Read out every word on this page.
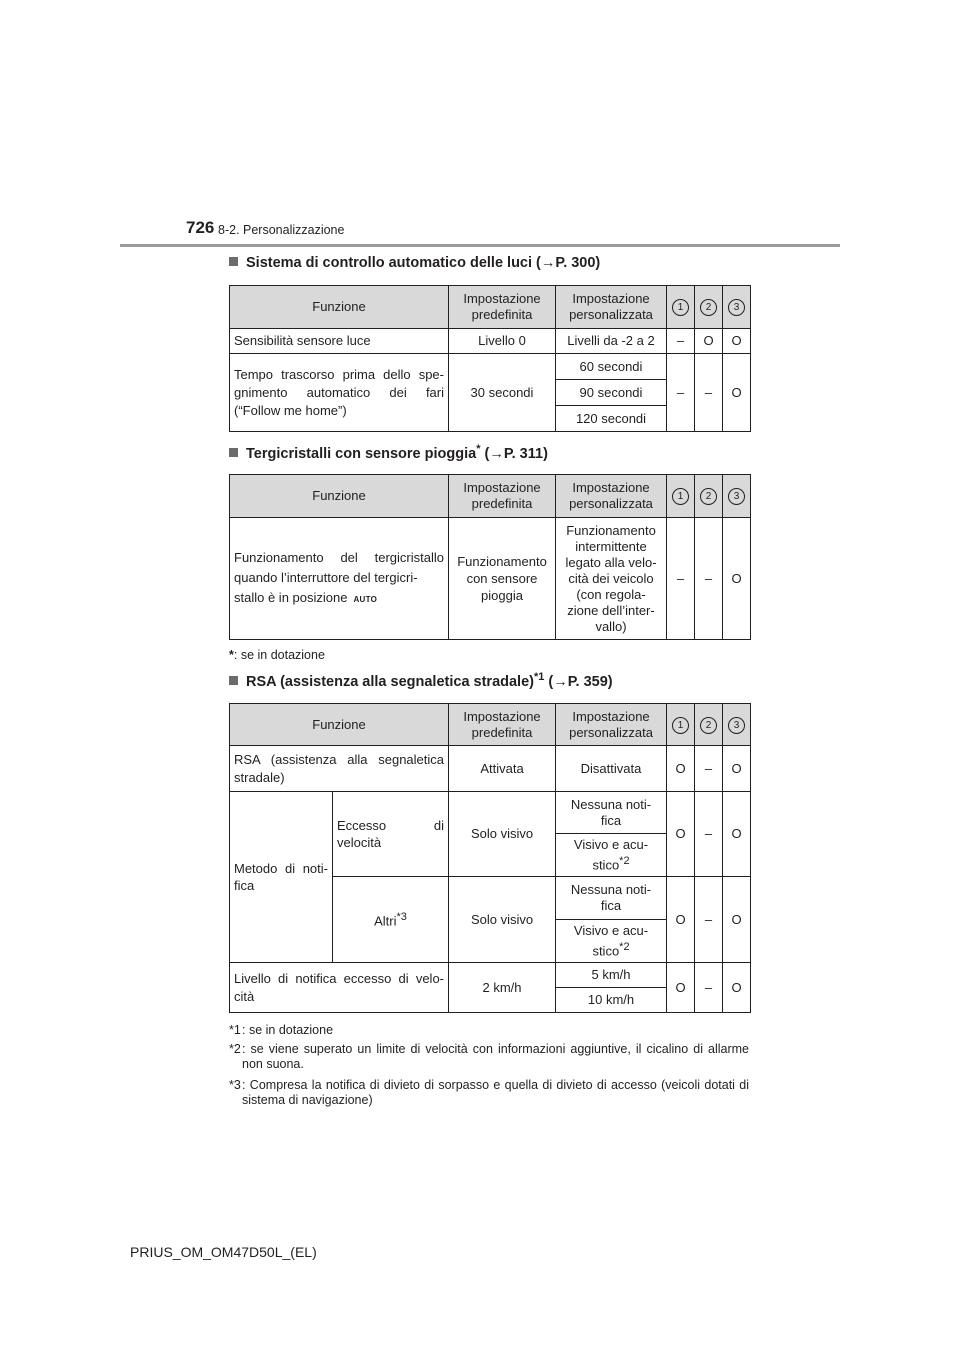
726 8-2. Personalizzazione
Sistema di controllo automatico delle luci (→P. 300)
Funzione	Impostazione predefinita	Impostazione personalizzata	1	2	3
Sensibilità sensore luce	Livello 0	Livelli da -2 a 2	–	O	O
Tempo trascorso prima dello spe- gnimento automatico dei fari (“Follow me home”)	30 secondi	60 secondi	–	–	O
		90 secondi			
		120 secondi			
Tergicristalli con sensore pioggia* (→P. 311)
Funzione	Impostazione predefinita	Impostazione personalizzata	1	2	3
Funzionamento del tergicristallo quando l’interruttore del tergicri-
stallo è in posizione AUTO	Funzionamento con sensore pioggia	Funzionamento intermittente legato alla velo- cità dei veicolo (con regola- zione dell’inter- vallo)	–	–	O
*: se in dotazione
RSA (assistenza alla segnaletica stradale)$^{*1}$ (→P. 359)
Funzione		Impostazione predefinita	Impostazione personalizzata	1	2	3
RSA (assistenza alla segnaletica stradale)		Attivata	Disattivata	O	–	O
Metodo di noti- fica	Eccesso di velocità	Solo visivo	Nessuna noti- fica	O	–	O
			Visivo e acu- stico$^{*2}$
	Altri$^{*3}$	Solo visivo	Nessuna noti- fica	O	–	O
			Visivo e acu- stico$^{*2}$
Livello di notifica eccesso di velo- cità		2 km/h	5 km/h	O	–	O
			10 km/h			
*1 : se in dotazione
*2 : se viene superato un limite di velocità con informazioni aggiuntive, il cicalino di allarme non suona.
*3 : Compresa la notifica di divieto di sorpasso e quella di divieto di accesso (veicoli dotati di sistema di navigazione)
PRIUS_OM_OM47D50L_(EL)
